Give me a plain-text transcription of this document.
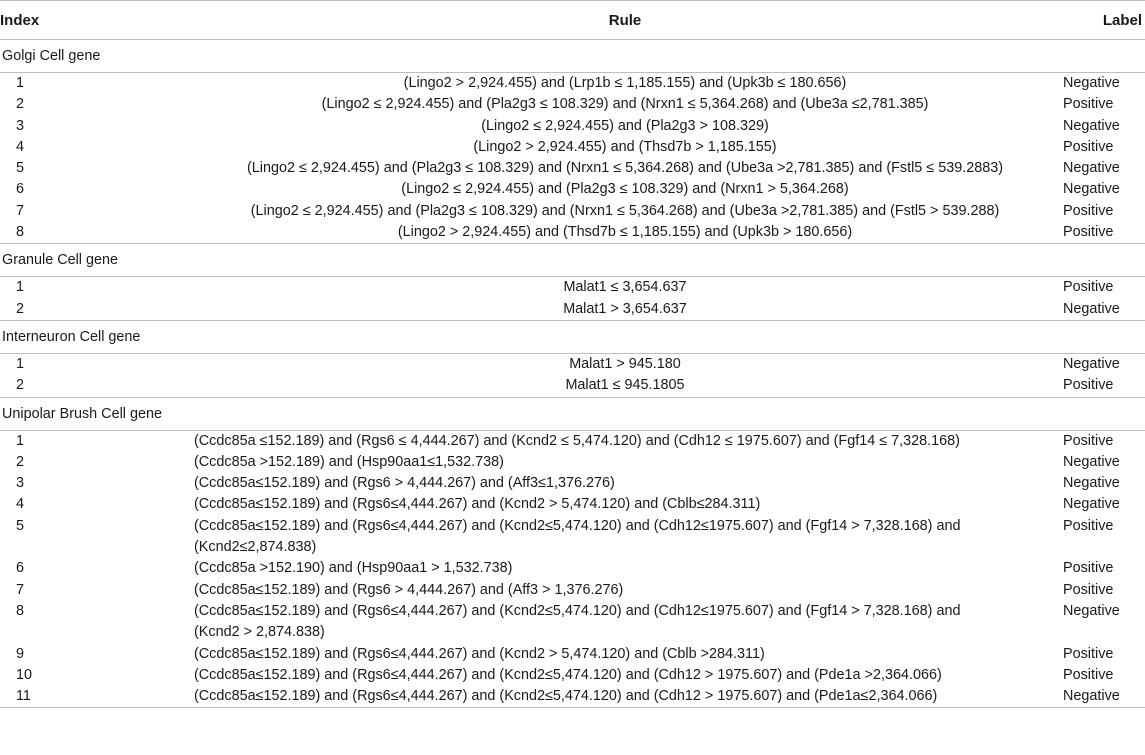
Index	Rule	Label
Golgi Cell gene		
1	(Lingo2 > 2,924.455) and (Lrp1b ≤ 1,185.155) and (Upk3b ≤ 180.656)	Negative
2	(Lingo2 ≤ 2,924.455) and (Pla2g3 ≤ 108.329) and (Nrxn1 ≤ 5,364.268) and (Ube3a ≤2,781.385)	Positive
3	(Lingo2 ≤ 2,924.455) and (Pla2g3 > 108.329)	Negative
4	(Lingo2 > 2,924.455) and (Thsd7b > 1,185.155)	Positive
5	(Lingo2 ≤ 2,924.455) and (Pla2g3 ≤ 108.329) and (Nrxn1 ≤ 5,364.268) and (Ube3a >2,781.385) and (Fstl5 ≤ 539.2883)	Negative
6	(Lingo2 ≤ 2,924.455) and (Pla2g3 ≤ 108.329) and (Nrxn1 > 5,364.268)	Negative
7	(Lingo2 ≤ 2,924.455) and (Pla2g3 ≤ 108.329) and (Nrxn1 ≤ 5,364.268) and (Ube3a >2,781.385) and (Fstl5 > 539.288)	Positive
8	(Lingo2 > 2,924.455) and (Thsd7b ≤ 1,185.155) and (Upk3b > 180.656)	Positive
Granule Cell gene		
1	Malat1 ≤ 3,654.637	Positive
2	Malat1 > 3,654.637	Negative
Interneuron Cell gene		
1	Malat1 > 945.180	Negative
2	Malat1 ≤ 945.1805	Positive
Unipolar Brush Cell gene		
1	(Ccdc85a ≤152.189) and (Rgs6 ≤ 4,444.267) and (Kcnd2 ≤ 5,474.120) and (Cdh12 ≤ 1975.607) and (Fgf14 ≤ 7,328.168)	Positive
2	(Ccdc85a >152.189) and (Hsp90aa1≤1,532.738)	Negative
3	(Ccdc85a≤152.189) and (Rgs6 > 4,444.267) and (Aff3≤1,376.276)	Negative
4	(Ccdc85a≤152.189) and (Rgs6≤4,444.267) and (Kcnd2 > 5,474.120) and (Cblb≤284.311)	Negative
5	(Ccdc85a≤152.189) and (Rgs6≤4,444.267) and (Kcnd2≤5,474.120) and (Cdh12≤1975.607) and (Fgf14 > 7,328.168) and (Kcnd2≤2,874.838)	Positive
6	(Ccdc85a >152.190) and (Hsp90aa1 > 1,532.738)	Positive
7	(Ccdc85a≤152.189) and (Rgs6 > 4,444.267) and (Aff3 > 1,376.276)	Positive
8	(Ccdc85a≤152.189) and (Rgs6≤4,444.267) and (Kcnd2≤5,474.120) and (Cdh12≤1975.607) and (Fgf14 > 7,328.168) and (Kcnd2 > 2,874.838)	Negative
9	(Ccdc85a≤152.189) and (Rgs6≤4,444.267) and (Kcnd2 > 5,474.120) and (Cblb >284.311)	Positive
10	(Ccdc85a≤152.189) and (Rgs6≤4,444.267) and (Kcnd2≤5,474.120) and (Cdh12 > 1975.607) and (Pde1a >2,364.066)	Positive
11	(Ccdc85a≤152.189) and (Rgs6≤4,444.267) and (Kcnd2≤5,474.120) and (Cdh12 > 1975.607) and (Pde1a≤2,364.066)	Negative
